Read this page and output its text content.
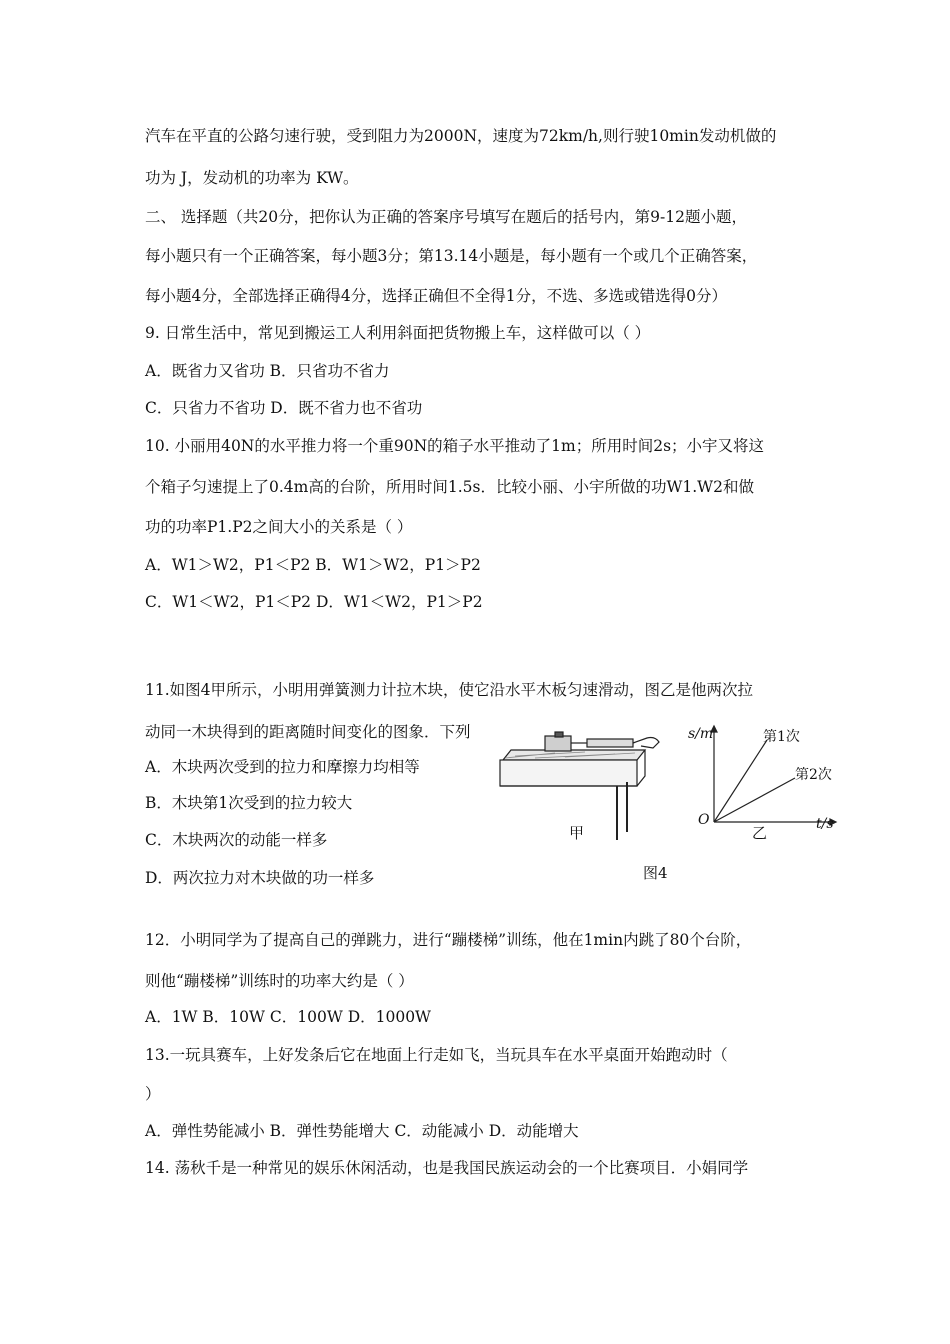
汽车在平直的公路匀速行驶，受到阻力为2000N，速度为72km/h,则行驶10min发动机做的
功为 J，发动机的功率为 KW。
二、 选择题（共20分，把你认为正确的答案序号填写在题后的括号内，第9-12题小题，
每小题只有一个正确答案，每小题3分；第13.14小题是，每小题有一个或几个正确答案，
每小题4分，全部选择正确得4分，选择正确但不全得1分，不选、多选或错选得0分）
9. 日常生活中，常见到搬运工人利用斜面把货物搬上车，这样做可以（ ）
A．既省力又省功 B．只省功不省力
C．只省力不省功 D．既不省力也不省功
10. 小丽用40N的水平推力将一个重90N的箱子水平推动了1m；所用时间2s；小宇又将这
个箱子匀速提上了0.4m高的台阶，所用时间1.5s．比较小丽、小宇所做的功W1.W2和做
功的功率P1.P2之间大小的关系是（ ）
A．W1＞W2，P1＜P2 B．W1＞W2，P1＞P2
C．W1＜W2，P1＜P2 D．W1＜W2，P1＞P2
11.如图4甲所示，小明用弹簧测力计拉木块，使它沿水平木板匀速滑动，图乙是他两次拉
动同一木块得到的距离随时间变化的图象．下列
A．木块两次受到的拉力和摩擦力均相等
B．木块第1次受到的拉力较大
C．木块两次的动能一样多
D．两次拉力对木块做的功一样多
12．小明同学为了提高自己的弹跳力，进行“蹦楼梯”训练，他在1min内跳了80个台阶，
则他“蹦楼梯”训练时的功率大约是（ ）
A．1W B．10W C．100W D．1000W
13.一玩具赛车，上好发条后它在地面上行走如飞，当玩具车在水平桌面开始跑动时（
）
A．弹性势能减小 B．弹性势能增大 C．动能减小 D．动能增大
14. 荡秋千是一种常见的娱乐休闲活动，也是我国民族运动会的一个比赛项目．小娟同学
甲	乙
s/m
t/s
O
第1次
第2次
图4
